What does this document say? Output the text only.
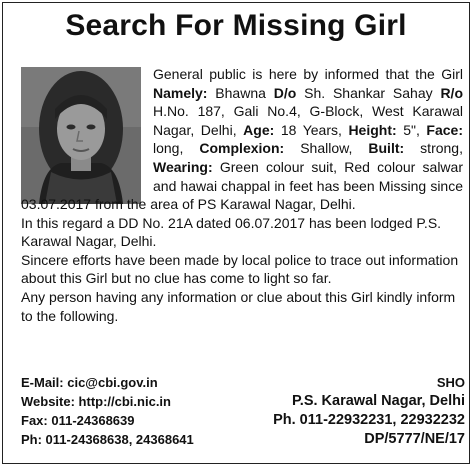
Search For Missing Girl
General public is here by informed that the Girl
Namely: Bhawna D/o Sh. Shankar Sahay R/o
H.No. 187, Gali No.4, G-Block, West Karawal
Nagar, Delhi, Age: 18 Years, Height: 5", Face:
long, Complexion: Shallow, Built: strong,
Wearing: Green colour suit, Red colour salwar
and hawai chappal in feet has been Missing since
03.07.2017 from the area of PS Karawal Nagar, Delhi.
In this regard a DD No. 21A dated 06.07.2017 has been lodged P.S.
Karawal Nagar, Delhi.
Sincere efforts have been made by local police to trace out information
about this Girl but no clue has come to light so far.
Any person having any information or clue about this Girl kindly inform
to the following.
E-Mail: cic@cbi.gov.in	SHO
Website: http://cbi.nic.in	P.S. Karawal Nagar, Delhi
Fax: 011-24368639	Ph. 011-22932231, 22932232
Ph: 011-24368638, 24368641	DP/5777/NE/17
